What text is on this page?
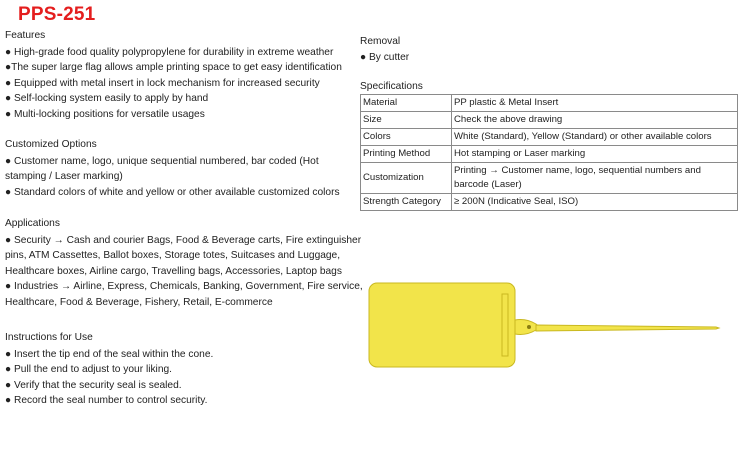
PPS-251
Features
● High-grade food quality polypropylene for durability in extreme weather
●The super large flag allows ample printing space to get easy identification
● Equipped with metal insert in lock mechanism for increased security
● Self-locking system easily to apply by hand
● Multi-locking positions for versatile usages
Customized Options
● Customer name, logo, unique sequential numbered, bar coded (Hot stamping / Laser marking)
● Standard colors of white and yellow or other available customized colors
Applications
● Security → Cash and courier Bags, Food & Beverage carts, Fire extinguisher pins, ATM Cassettes, Ballot boxes, Storage totes, Suitcases and Luggage, Healthcare boxes, Airline cargo, Travelling bags, Accessories, Laptop bags
● Industries → Airline, Express, Chemicals, Banking, Government, Fire service, Healthcare, Food & Beverage, Fishery, Retail, E-commerce
Instructions for Use
● Insert the tip end of the seal within the cone.
● Pull the end to adjust to your liking.
● Verify that the security seal is sealed.
● Record the seal number to control security.
Removal
● By cutter
Specifications
Material	PP plastic & Metal Insert
Size	Check the above drawing
Colors	White (Standard), Yellow (Standard) or other available colors
Printing Method	Hot stamping or Laser marking
Customization	Printing → Customer name, logo, sequential numbers and barcode (Laser)
Strength Category	≥ 200N (Indicative Seal, ISO)
